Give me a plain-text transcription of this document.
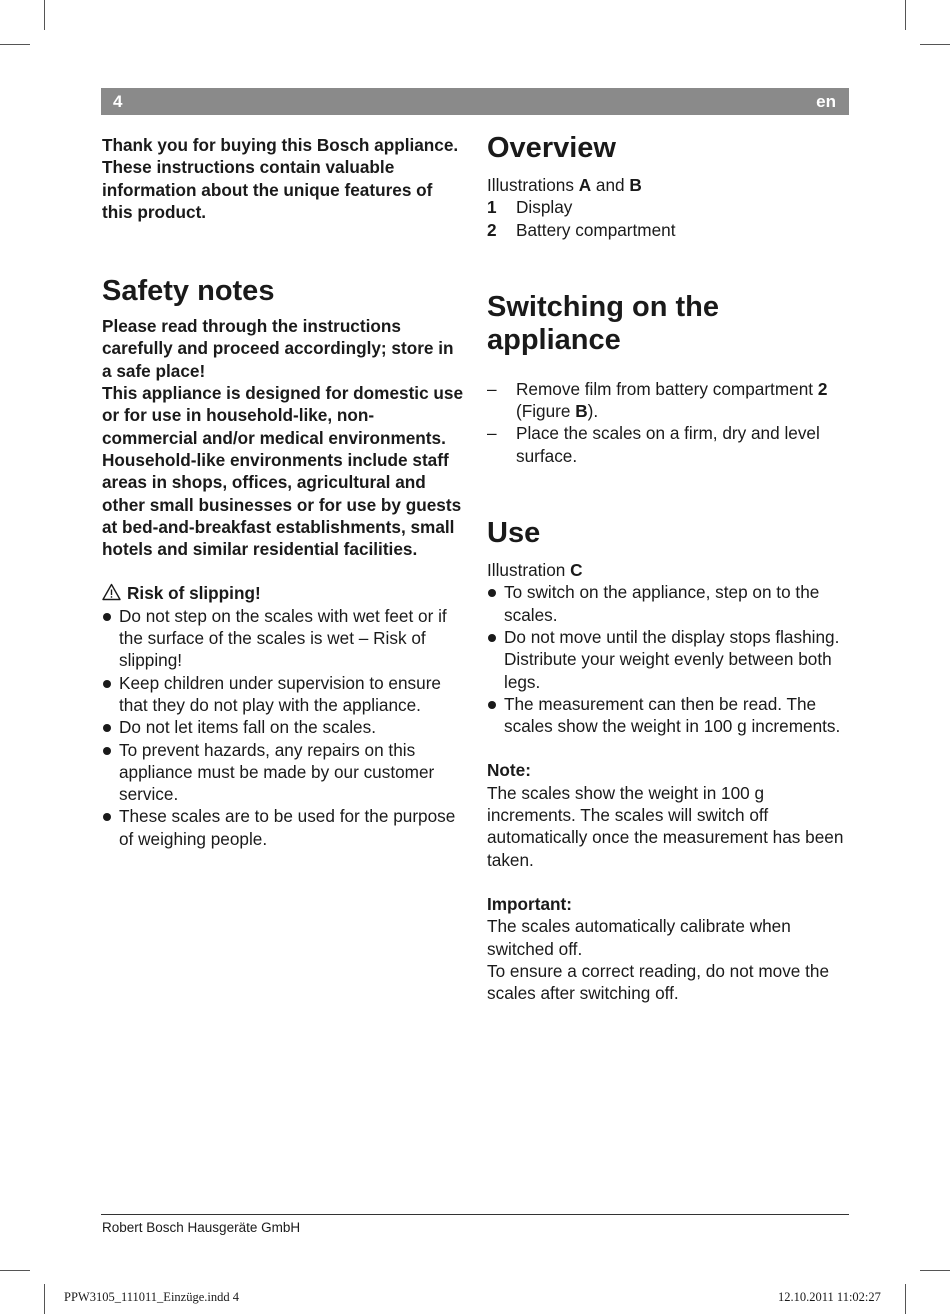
4	en

Thank you for buying this Bosch appliance. These instructions contain valuable information about the unique features of this product.

Safety notes

Please read through the instructions carefully and proceed accordingly; store in a safe place!

This appliance is designed for domestic use or for use in household-like, non-commercial and/or medical environments. Household-like environments include staff areas in shops, offices, agricultural and other small businesses or for use by guests at bed-and-breakfast establishments, small hotels and similar residential facilities.

Risk of slipping!
Do not step on the scales with wet feet or if the surface of the scales is wet – Risk of slipping!
Keep children under supervision to ensure that they do not play with the appliance.
Do not let items fall on the scales.
To prevent hazards, any repairs on this appliance must be made by our customer service.
These scales are to be used for the purpose of weighing people.
Overview

Illustrations A and B

1 Display
2 Battery compartment
Switching on the appliance
– Remove film from battery compartment 2 (Figure B).
– Place the scales on a firm, dry and level surface.
Use

Illustration C

To switch on the appliance, step on to the scales.
Do not move until the display stops flashing. Distribute your weight evenly between both legs.
The measurement can then be read. The scales show the weight in 100 g increments.

Note:

The scales show the weight in 100 g increments. The scales will switch off automatically once the measurement has been taken.

Important:

The scales automatically calibrate when switched off.

To ensure a correct reading, do not move the scales after switching off.

Robert Bosch Hausgeräte GmbH
PPW3105_111011_Einzüge.indd 4	12.10.2011 11:02:27
